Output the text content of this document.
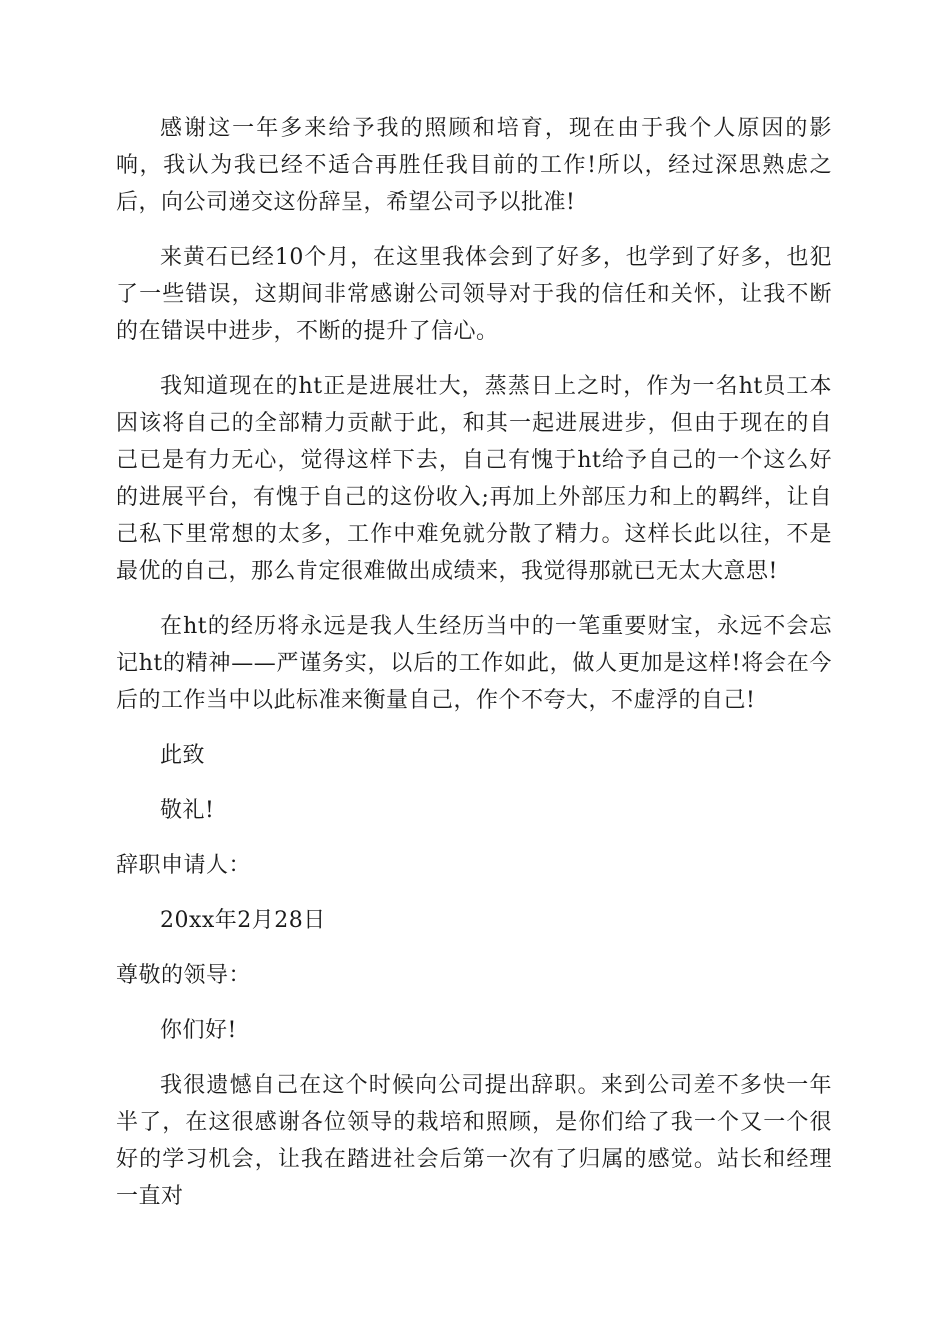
感谢这一年多来给予我的照顾和培育，现在由于我个人原因的影响，我认为我已经不适合再胜任我目前的工作!所以，经过深思熟虑之后，向公司递交这份辞呈，希望公司予以批准!

来黄石已经10个月，在这里我体会到了好多，也学到了好多，也犯了一些错误，这期间非常感谢公司领导对于我的信任和关怀，让我不断的在错误中进步，不断的提升了信心。

我知道现在的ht正是进展壮大，蒸蒸日上之时，作为一名ht员工本因该将自己的全部精力贡献于此，和其一起进展进步，但由于现在的自己已是有力无心，觉得这样下去，自己有愧于ht给予自己的一个这么好的进展平台，有愧于自己的这份收入;再加上外部压力和上的羁绊，让自己私下里常想的太多，工作中难免就分散了精力。这样长此以往，不是最优的自己，那么肯定很难做出成绩来，我觉得那就已无太大意思!

在ht的经历将永远是我人生经历当中的一笔重要财宝，永远不会忘记ht的精神——严谨务实，以后的工作如此，做人更加是这样!将会在今后的工作当中以此标准来衡量自己，作个不夸大，不虚浮的自己!

此致
敬礼!
辞职申请人：
20xx年2月28日
尊敬的领导：
你们好!

我很遗憾自己在这个时候向公司提出辞职。来到公司差不多快一年半了，在这很感谢各位领导的栽培和照顾，是你们给了我一个又一个很好的学习机会，让我在踏进社会后第一次有了归属的感觉。站长和经理一直对
